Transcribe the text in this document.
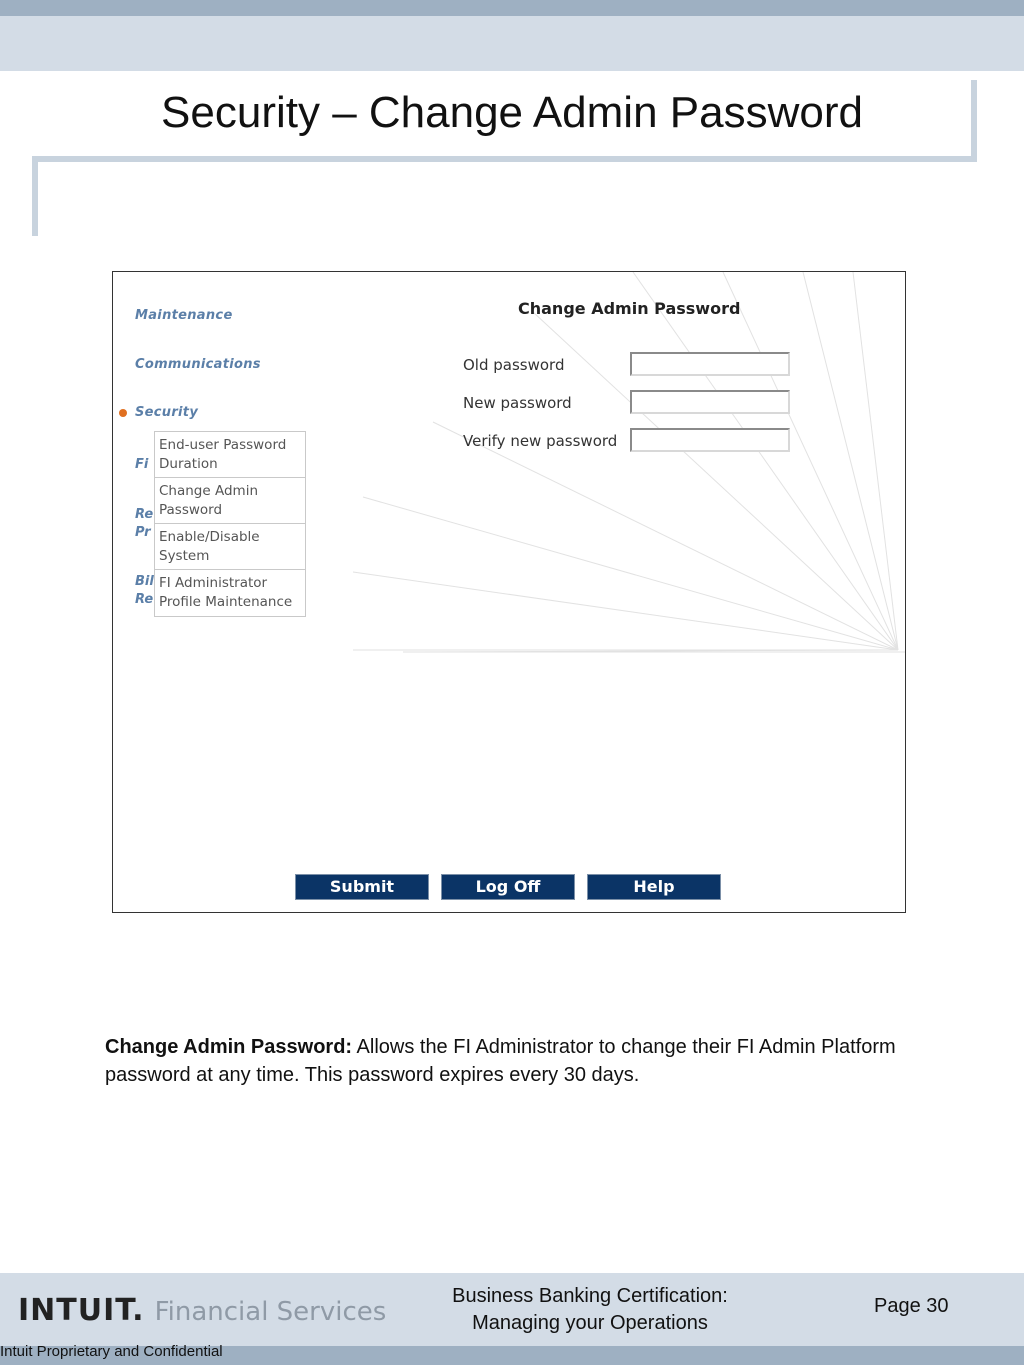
Security – Change Admin Password
Maintenance
Communications
Security
Fi
Re
Pr
Bil
Re
End-user Password Duration
Change Admin Password
Enable/Disable System
FI Administrator Profile Maintenance
Change Admin Password
Old password
New password
Verify new password
Submit	Log Off	Help
Change Admin Password: Allows the FI Administrator to change their FI Admin Platform password at any time. This password expires every 30 days.
INTUIT. Financial Services
Business Banking Certification:
Managing your Operations
Page 30
Intuit Proprietary and Confidential
